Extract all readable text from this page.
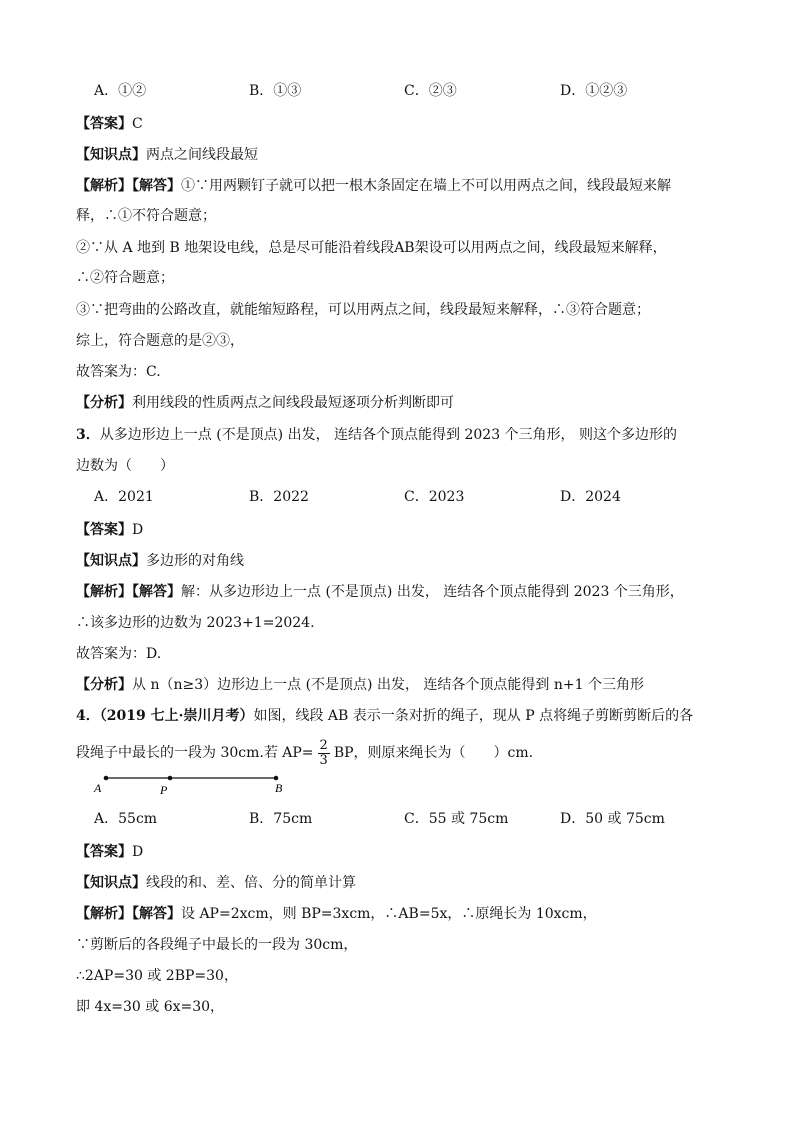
A．①②	B．①③	C．②③	D．①②③
【答案】C
【知识点】两点之间线段最短
【解析】【解答】①∵用两颗钉子就可以把一根木条固定在墙上不可以用两点之间，线段最短来解
释，∴①不符合题意；
②∵从 A 地到 B 地架设电线，总是尽可能沿着线段AB架设可以用两点之间，线段最短来解释，
∴②符合题意；
③∵把弯曲的公路改直，就能缩短路程，可以用两点之间，线段最短来解释，∴③符合题意；
综上，符合题意的是②③，
故答案为：C.
【分析】利用线段的性质两点之间线段最短逐项分析判断即可
3．从多边形边上一点 (不是顶点) 出发， 连结各个顶点能得到 2023 个三角形， 则这个多边形的
边数为（　　）
A．2021	B．2022	C．2023	D．2024
【答案】D
【知识点】多边形的对角线
【解析】【解答】解：从多边形边上一点 (不是顶点) 出发， 连结各个顶点能得到 2023 个三角形，
∴该多边形的边数为 2023+1=2024.
故答案为：D.
【分析】从 n（n≥3）边形边上一点 (不是顶点) 出发， 连结各个顶点能得到 n+1 个三角形
4．（2019 七上·崇川月考）如图，线段 AB 表示一条对折的绳子，现从 P 点将绳子剪断剪断后的各
段绳子中最长的一段为 30cm.若 $AP= \frac{2}{3}$ BP，则原来绳长为（　　）cm.
A	P	B
A．55cm	B．75cm	C．55 或 75cm	D．50 或 75cm
【答案】D
【知识点】线段的和、差、倍、分的简单计算
【解析】【解答】设 AP=2xcm，则 BP=3xcm，∴AB=5x，∴原绳长为 10xcm，
∵剪断后的各段绳子中最长的一段为 30cm，
∴2AP=30 或 2BP=30，
即 4x=30 或 6x=30，
